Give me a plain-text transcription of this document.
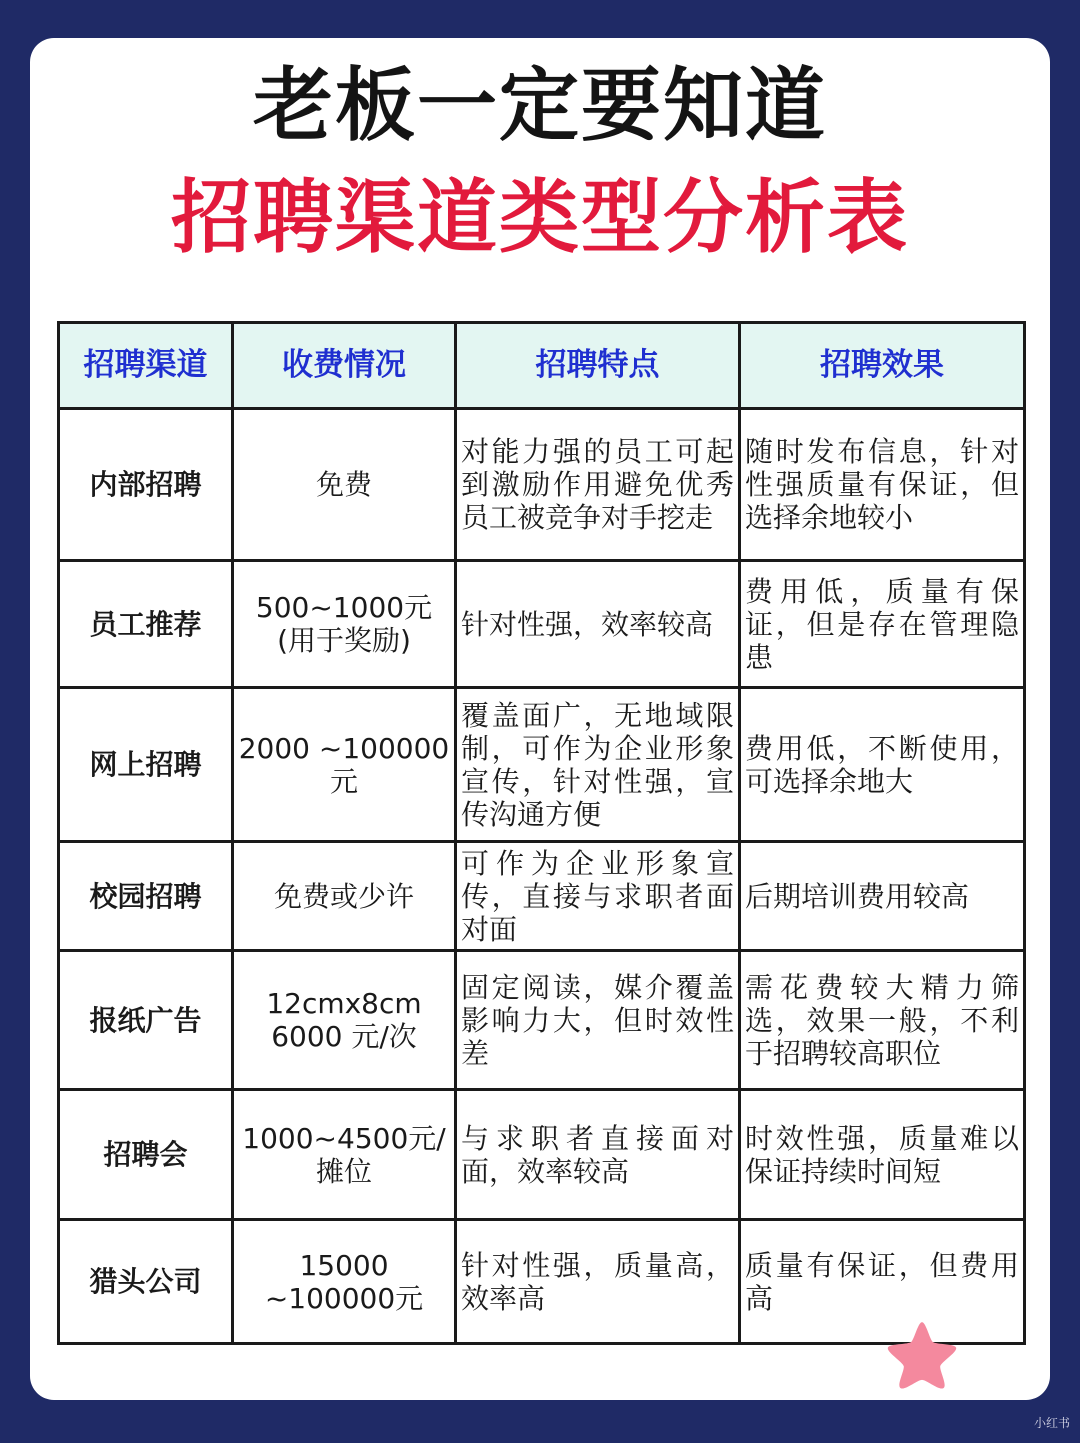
老板一定要知道
招聘渠道类型分析表
招聘渠道	收费情况	招聘特点	招聘效果
内部招聘	免费	对能力强的员工可起到激励作用避免优秀员工被竞争对手挖走	随时发布信息，针对性强质量有保证，但选择余地较小
员工推荐	500~1000元(用于奖励)	针对性强，效率较高	费用低，质量有保证，但是存在管理隐患
网上招聘	2000 ~100000元	覆盖面广，无地域限制，可作为企业形象宣传，针对性强，宣传沟通方便	费用低，不断使用，可选择余地大
校园招聘	免费或少许	可作为企业形象宣传，直接与求职者面对面	后期培训费用较高
报纸广告	12cmx8cm 6000 元/次	固定阅读，媒介覆盖影响力大，但时效性差	需花费较大精力筛选，效果一般，不利于招聘较高职位
招聘会	1000~4500元/摊位	与求职者直接面对面，效率较高	时效性强，质量难以保证持续时间短
猎头公司	15000 ~100000元	针对性强，质量高，效率高	质量有保证，但费用高
小红书
